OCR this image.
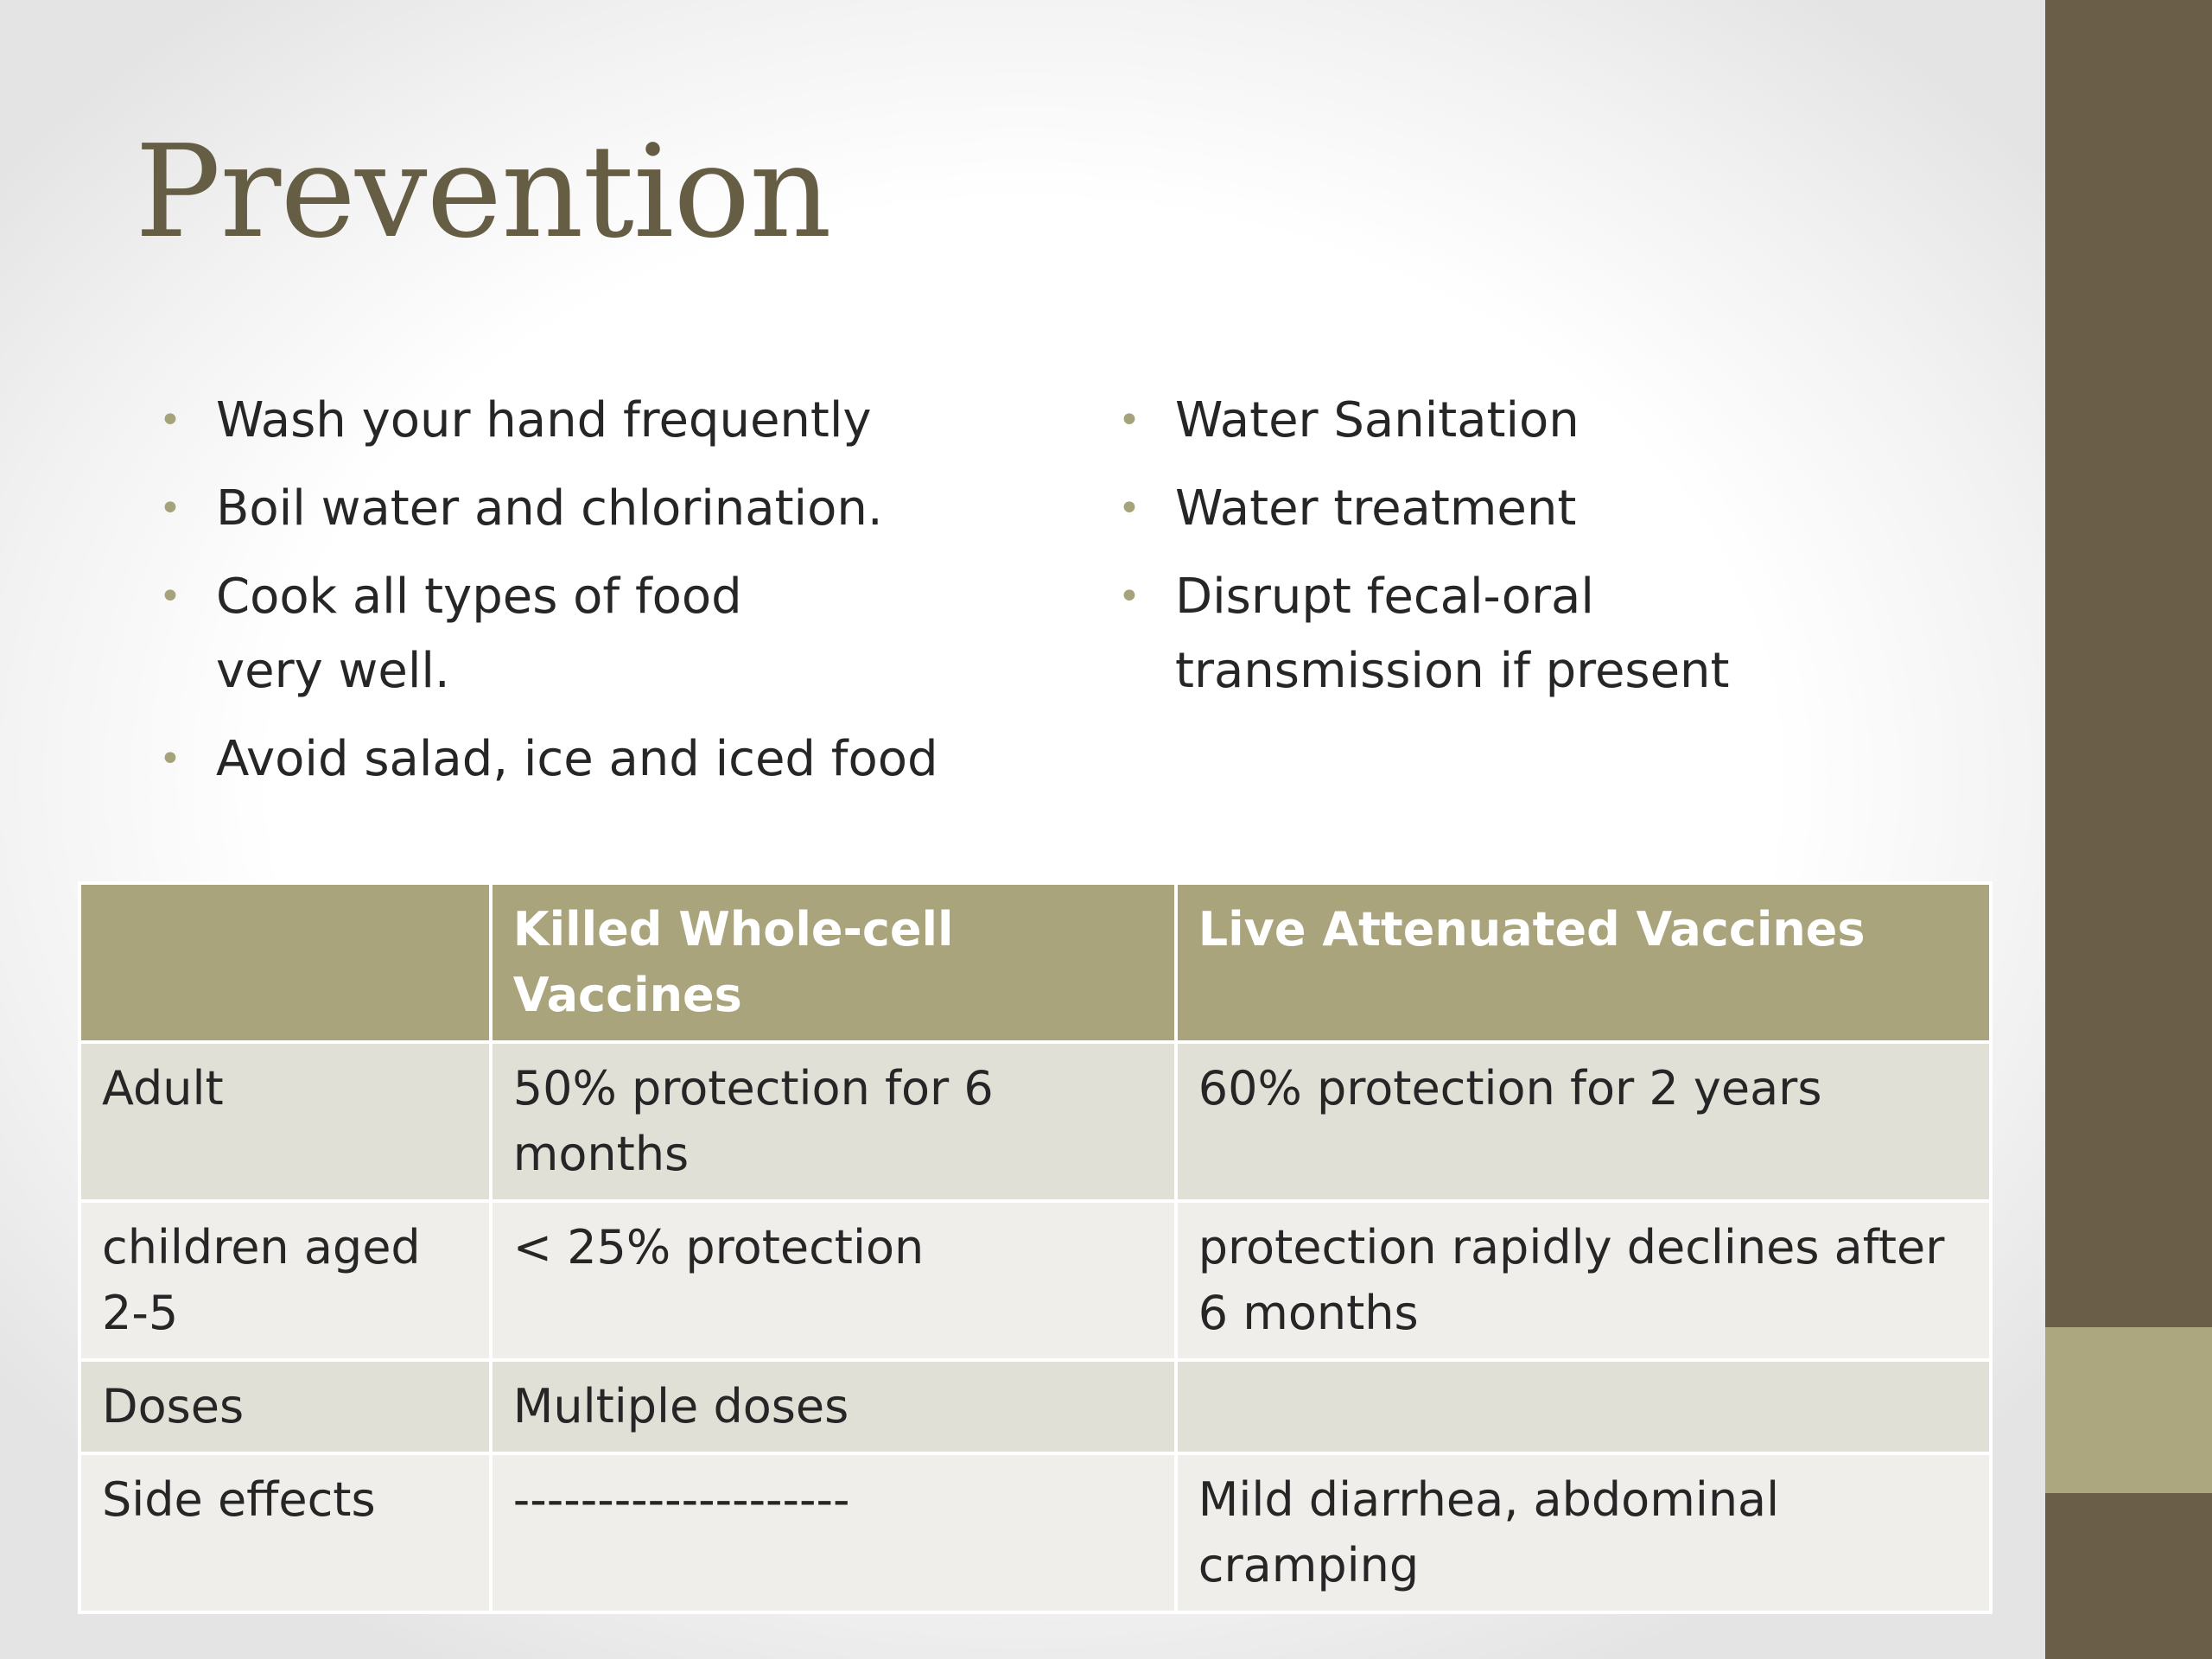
Prevention
• Wash your hand frequently
• Boil water and chlorination.
• Cook all types of food very well.
• Avoid salad, ice and iced food
• Water Sanitation
• Water treatment
• Disrupt fecal-oral transmission if present
	Killed Whole-cell Vaccines	Live Attenuated Vaccines
Adult	50% protection for 6 months	60% protection for 2 years
children aged 2-5	< 25% protection	protection rapidly declines after 6 months
Doses	Multiple doses	
Side effects	--------------------	Mild diarrhea, abdominal cramping
